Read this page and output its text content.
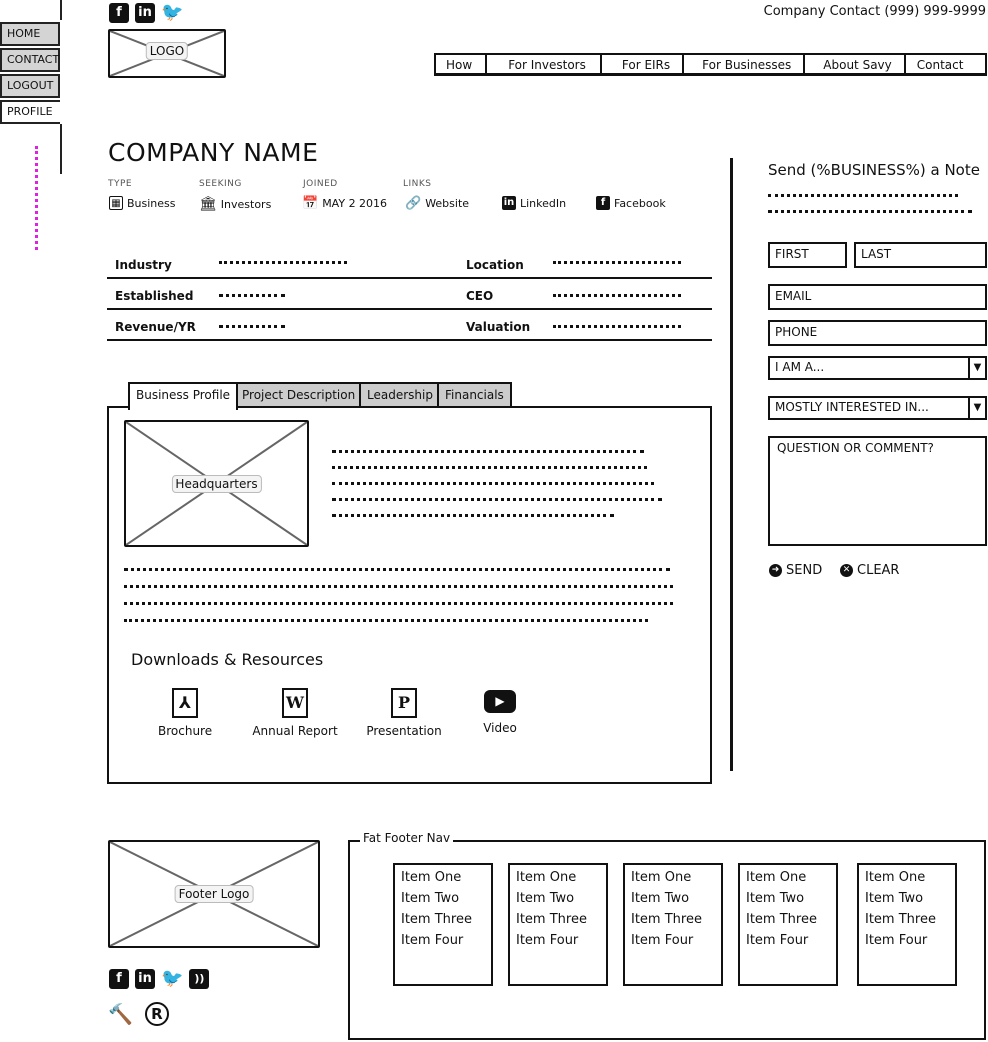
HOME
CONTACT
LOGOUT
PROFILE
f	in 🐦
LOGO
Company Contact (999) 999-9999
How	For Investors	For EIRs	For Businesses	About Savy	Contact
COMPANY NAME
TYPE	SEEKING	JOINED	LINKS
▦ Business 🏛 Investors 📅 MAY 2 2016 🔗 Website	in LinkedIn	f Facebook
Industry	Location
Established	CEO
Revenue/YR	Valuation
Business Profile Project Description Leadership	Financials
Headquarters
Downloads & Resources
⅄
Brochure
W
Annual Report
P
Presentation
▶
Video
Send (%BUSINESS%) a Note
FIRST	LAST
EMAIL
PHONE
I AM A...	▼
MOSTLY INTERESTED IN...	▼
QUESTION OR COMMENT?
➜ SEND	✕ CLEAR
Footer Logo
f	in 🐦 ))
🔨	R
Fat Footer Nav
Item One
Item Two
Item Three
Item Four
Item One
Item Two
Item Three
Item Four
Item One
Item Two
Item Three
Item Four
Item One
Item Two
Item Three
Item Four
Item One
Item Two
Item Three
Item Four
